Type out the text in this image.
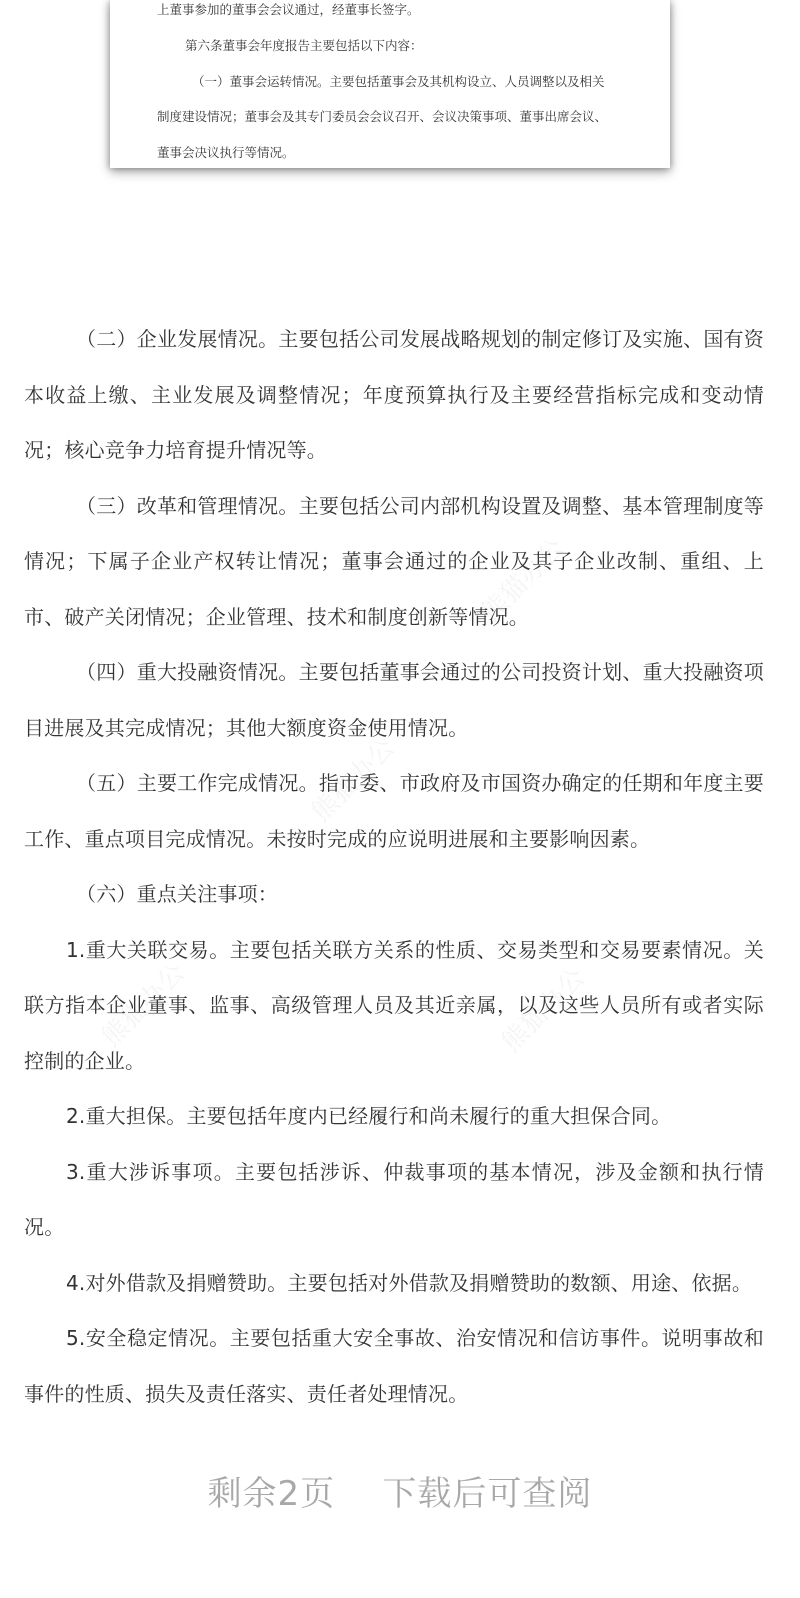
上董事参加的董事会会议通过，经董事长签字。
第六条董事会年度报告主要包括以下内容：
（一）董事会运转情况。主要包括董事会及其机构设立、人员调整以及相关
制度建设情况；董事会及其专门委员会会议召开、会议决策事项、董事出席会议、
董事会决议执行等情况。

（二）企业发展情况。主要包括公司发展战略规划的制定修订及实施、国有资本收益上缴、主业发展及调整情况；年度预算执行及主要经营指标完成和变动情况；核心竞争力培育提升情况等。

（三）改革和管理情况。主要包括公司内部机构设置及调整、基本管理制度等情况；下属子企业产权转让情况；董事会通过的企业及其子企业改制、重组、上市、破产关闭情况；企业管理、技术和制度创新等情况。

（四）重大投融资情况。主要包括董事会通过的公司投资计划、重大投融资项目进展及其完成情况；其他大额度资金使用情况。

（五）主要工作完成情况。指市委、市政府及市国资办确定的任期和年度主要工作、重点项目完成情况。未按时完成的应说明进展和主要影响因素。

（六）重点关注事项：

1.重大关联交易。主要包括关联方关系的性质、交易类型和交易要素情况。关联方指本企业董事、监事、高级管理人员及其近亲属，以及这些人员所有或者实际控制的企业。

2.重大担保。主要包括年度内已经履行和尚未履行的重大担保合同。

3.重大涉诉事项。主要包括涉诉、仲裁事项的基本情况，涉及金额和执行情况。

4.对外借款及捐赠赞助。主要包括对外借款及捐赠赞助的数额、用途、依据。

5.安全稳定情况。主要包括重大安全事故、治安情况和信访事件。说明事故和事件的性质、损失及责任落实、责任者处理情况。

剩余2页    下载后可查阅
